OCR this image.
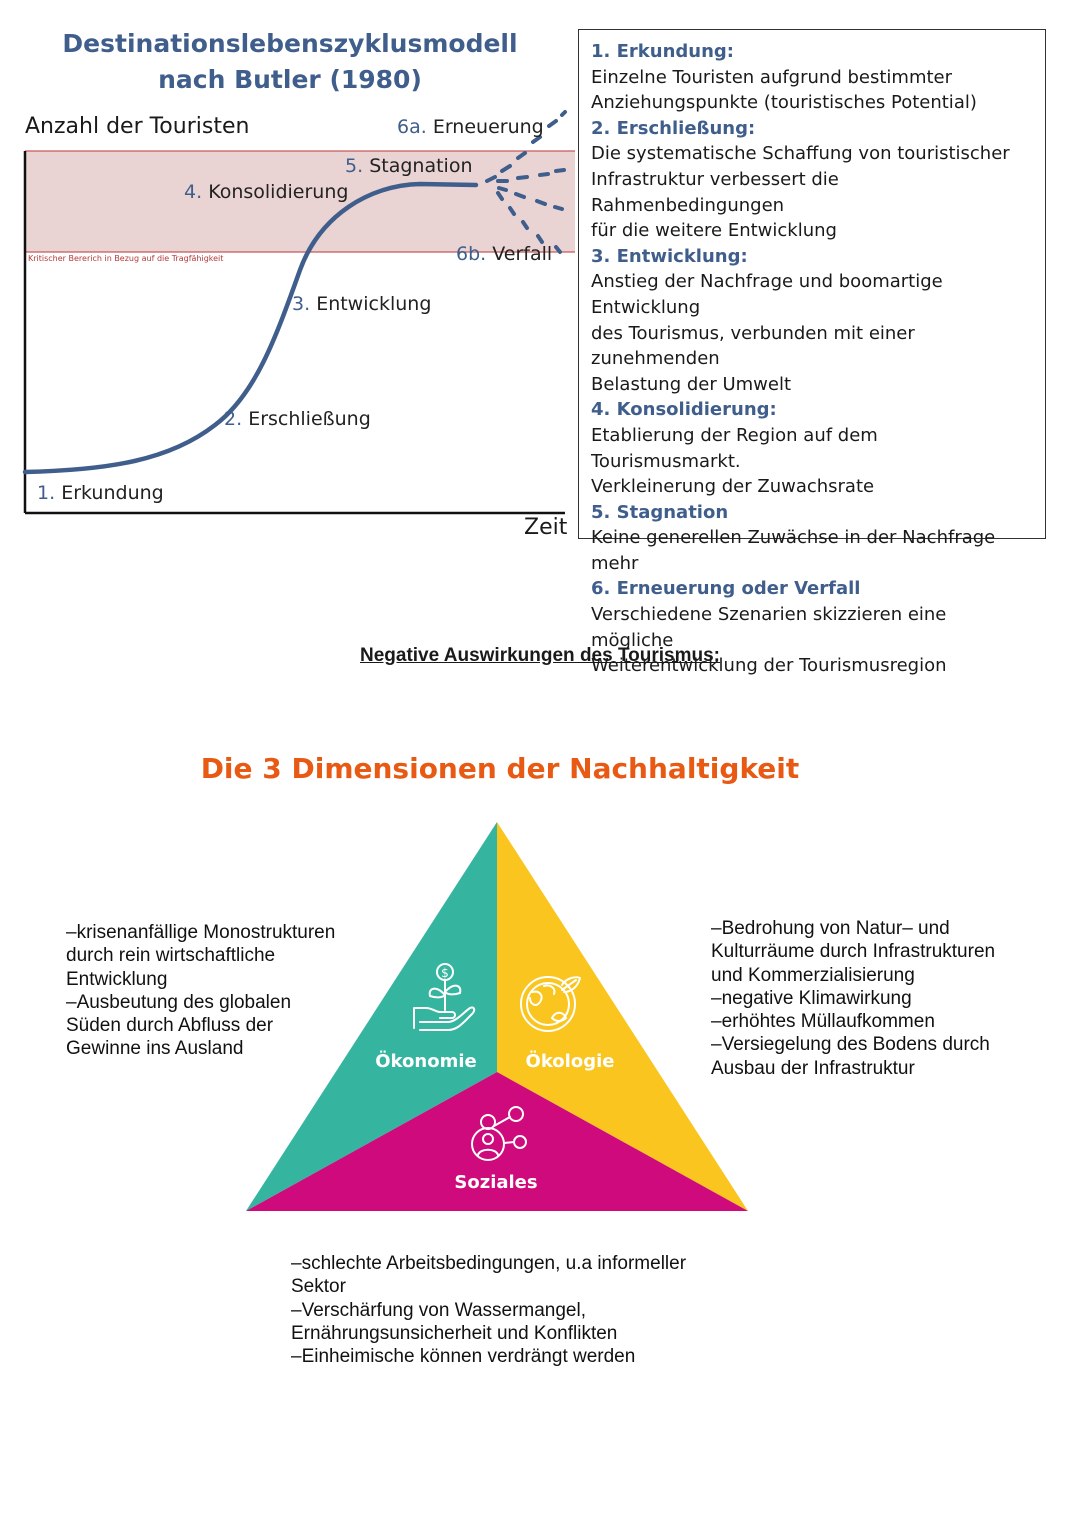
Destinationslebenszyklusmodell
nach Butler (1980)
Anzahl der Touristen
Kritischer Bererich in Bezug auf die Tragfähigkeit
1. Erkundung
2. Erschließung
3. Entwicklung
4. Konsolidierung
5. Stagnation
6a. Erneuerung
6b. Verfall
Zeit
1. Erkundung:
Einzelne Touristen aufgrund bestimmter
Anziehungspunkte (touristisches Potential)
2. Erschließung:
Die systematische Schaffung von touristischer
Infrastruktur verbessert die Rahmenbedingungen
für die weitere Entwicklung
3. Entwicklung:
Anstieg der Nachfrage und boomartige Entwicklung
des Tourismus, verbunden mit einer zunehmenden
Belastung der Umwelt
4. Konsolidierung:
Etablierung der Region auf dem Tourismusmarkt.
Verkleinerung der Zuwachsrate
5. Stagnation
Keine generellen Zuwächse in der Nachfrage mehr
6. Erneuerung oder Verfall
Verschiedene Szenarien skizzieren eine mögliche
Weiterentwicklung der Tourismusregion
Negative Auswirkungen des Tourismus:
Die 3 Dimensionen der Nachhaltigkeit
$
Ökonomie	Ökologie
Soziales
–krisenanfällige Monostrukturen
durch rein wirtschaftliche
Entwicklung
–Ausbeutung des globalen
Süden durch Abfluss der
Gewinne ins Ausland
–Bedrohung von Natur– und
Kulturräume durch Infrastrukturen
und Kommerzialisierung
–negative Klimawirkung
–erhöhtes Müllaufkommen
–Versiegelung des Bodens durch
Ausbau der Infrastruktur
–schlechte Arbeitsbedingungen, u.a informeller
Sektor
–Verschärfung von Wassermangel,
Ernährungsunsicherheit und Konflikten
–Einheimische können verdrängt werden
